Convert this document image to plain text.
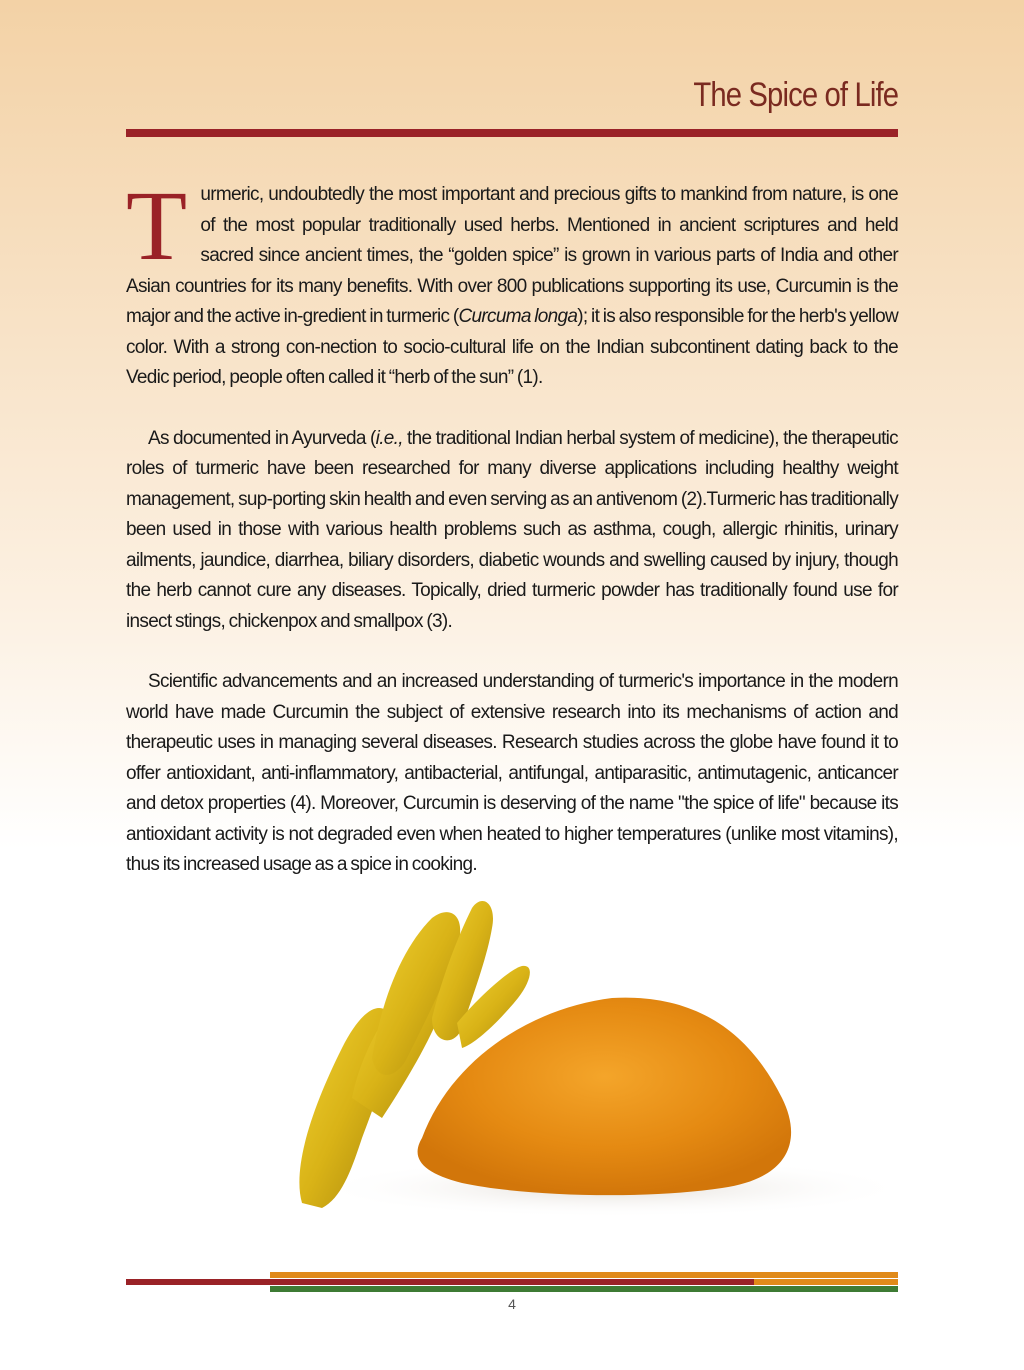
The Spice of Life

Turmeric, undoubtedly the most important and precious gifts to mankind from nature, is one of the most popular traditionally used herbs. Mentioned in ancient scriptures and held sacred since ancient times, the “golden spice” is grown in various parts of India and other Asian countries for its many benefits. With over 800 publications supporting its use, Curcumin is the major and the active in-gredient in turmeric (Curcuma longa); it is also responsible for the herb's yellow color. With a strong con-nection to socio-cultural life on the Indian subcontinent dating back to the Vedic period, people often called it “herb of the sun” (1).

As documented in Ayurveda (i.e., the traditional Indian herbal system of medicine), the therapeutic roles of turmeric have been researched for many diverse applications including healthy weight management, sup-porting skin health and even serving as an antivenom (2).Turmeric has traditionally been used in those with various health problems such as asthma, cough, allergic rhinitis, urinary ailments, jaundice, diarrhea, biliary disorders, diabetic wounds and swelling caused by injury, though the herb cannot cure any diseases. Topically, dried turmeric powder has traditionally found use for insect stings, chickenpox and smallpox (3).

Scientific advancements and an increased understanding of turmeric's importance in the modern world have made Curcumin the subject of extensive research into its mechanisms of action and therapeutic uses in managing several diseases. Research studies across the globe have found it to offer antioxidant, anti-inflammatory, antibacterial, antifungal, antiparasitic, antimutagenic, anticancer and detox properties (4). Moreover, Curcumin is deserving of the name "the spice of life" because its antioxidant activity is not degraded even when heated to higher temperatures (unlike most vitamins), thus its increased usage as a spice in cooking.

4
